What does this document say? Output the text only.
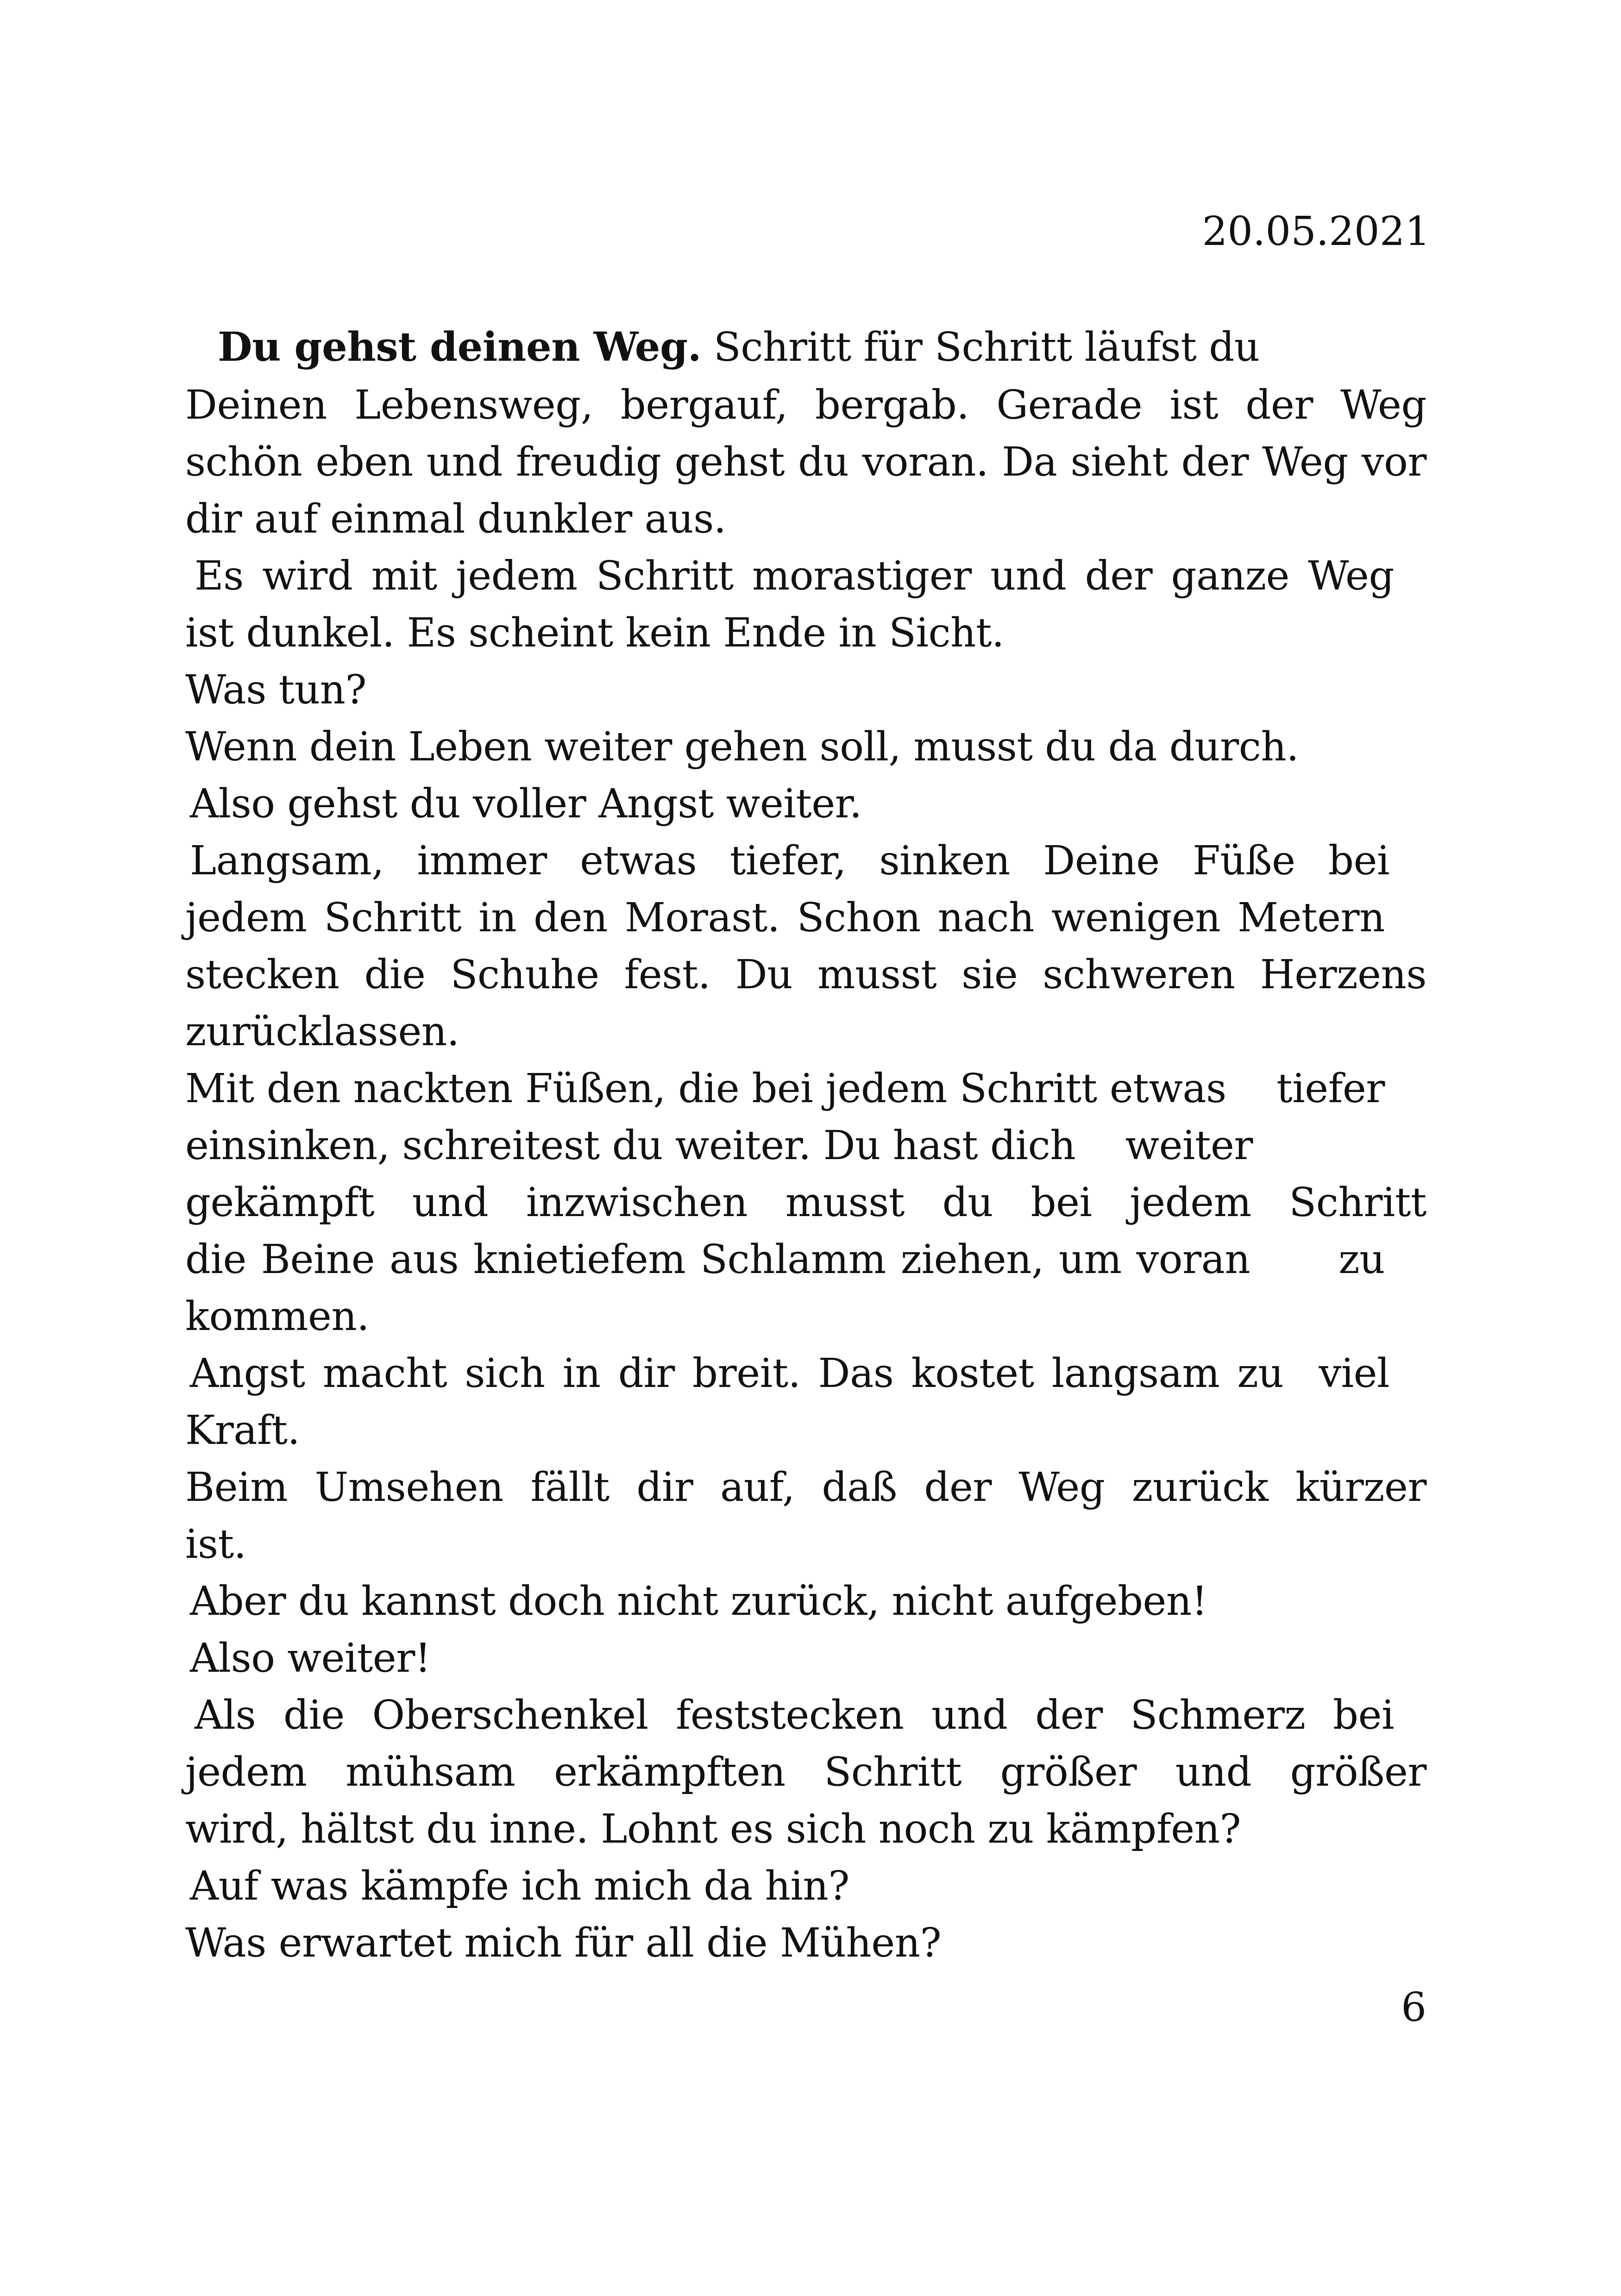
20.05.2021
Du gehst deinen Weg. Schritt für Schritt läufst du
Deinen Lebensweg, bergauf, bergab. Gerade ist der Weg
schön eben und freudig gehst du voran. Da sieht der Weg vor
dir auf einmal dunkler aus.
Es wird mit jedem Schritt morastiger und der ganze Weg
ist dunkel. Es scheint kein Ende in Sicht.
Was tun?
Wenn dein Leben weiter gehen soll, musst du da durch.
Also gehst du voller Angst weiter.
Langsam, immer etwas tiefer, sinken Deine Füße bei
jedem Schritt in den Morast. Schon nach wenigen Metern
stecken die Schuhe fest. Du musst sie schweren Herzens
zurücklassen.
Mit den nackten Füßen, die bei jedem Schritt etwas    tiefer
einsinken, schreitest du weiter. Du hast dich    weiter
gekämpft und inzwischen musst du bei jedem Schritt
die Beine aus knietiefem Schlamm ziehen, um voran      zu
kommen.
Angst macht sich in dir breit. Das kostet langsam zu  viel
Kraft.
Beim Umsehen fällt dir auf, daß der Weg zurück kürzer
ist.
Aber du kannst doch nicht zurück, nicht aufgeben!
Also weiter!
Als die Oberschenkel feststecken und der Schmerz bei
jedem mühsam erkämpften Schritt größer und größer
wird, hältst du inne. Lohnt es sich noch zu kämpfen?
Auf was kämpfe ich mich da hin?
Was erwartet mich für all die Mühen?
6
